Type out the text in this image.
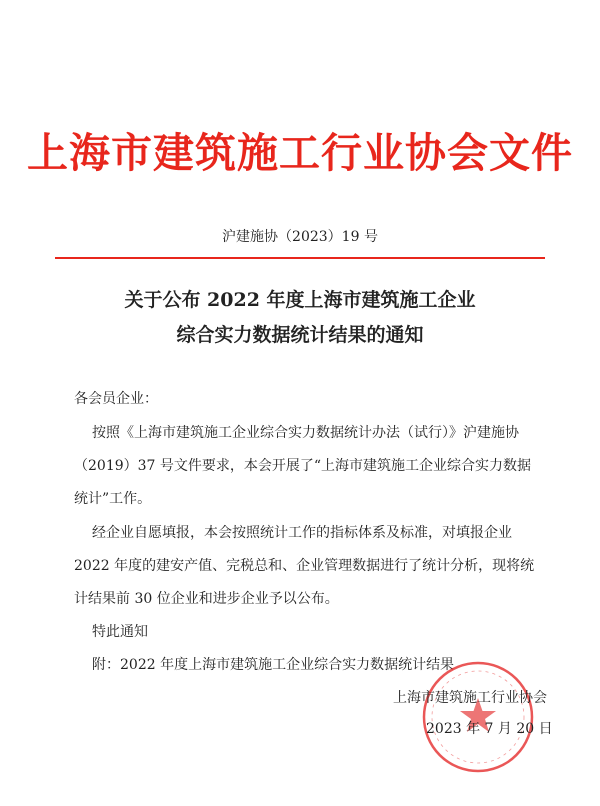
上海市建筑施工行业协会文件
沪建施协（2023）19 号
关于公布 2022 年度上海市建筑施工企业
综合实力数据统计结果的通知
各会员企业：
按照《上海市建筑施工企业综合实力数据统计办法（试行）》沪建施协
（2019）37 号文件要求，本会开展了“上海市建筑施工企业综合实力数据
统计”工作。
经企业自愿填报，本会按照统计工作的指标体系及标准，对填报企业
2022 年度的建安产值、完税总和、企业管理数据进行了统计分析，现将统
计结果前 30 位企业和进步企业予以公布。
特此通知
附：2022 年度上海市建筑施工企业综合实力数据统计结果
上海市建筑施工行业协会
2023 年 7 月 20 日
